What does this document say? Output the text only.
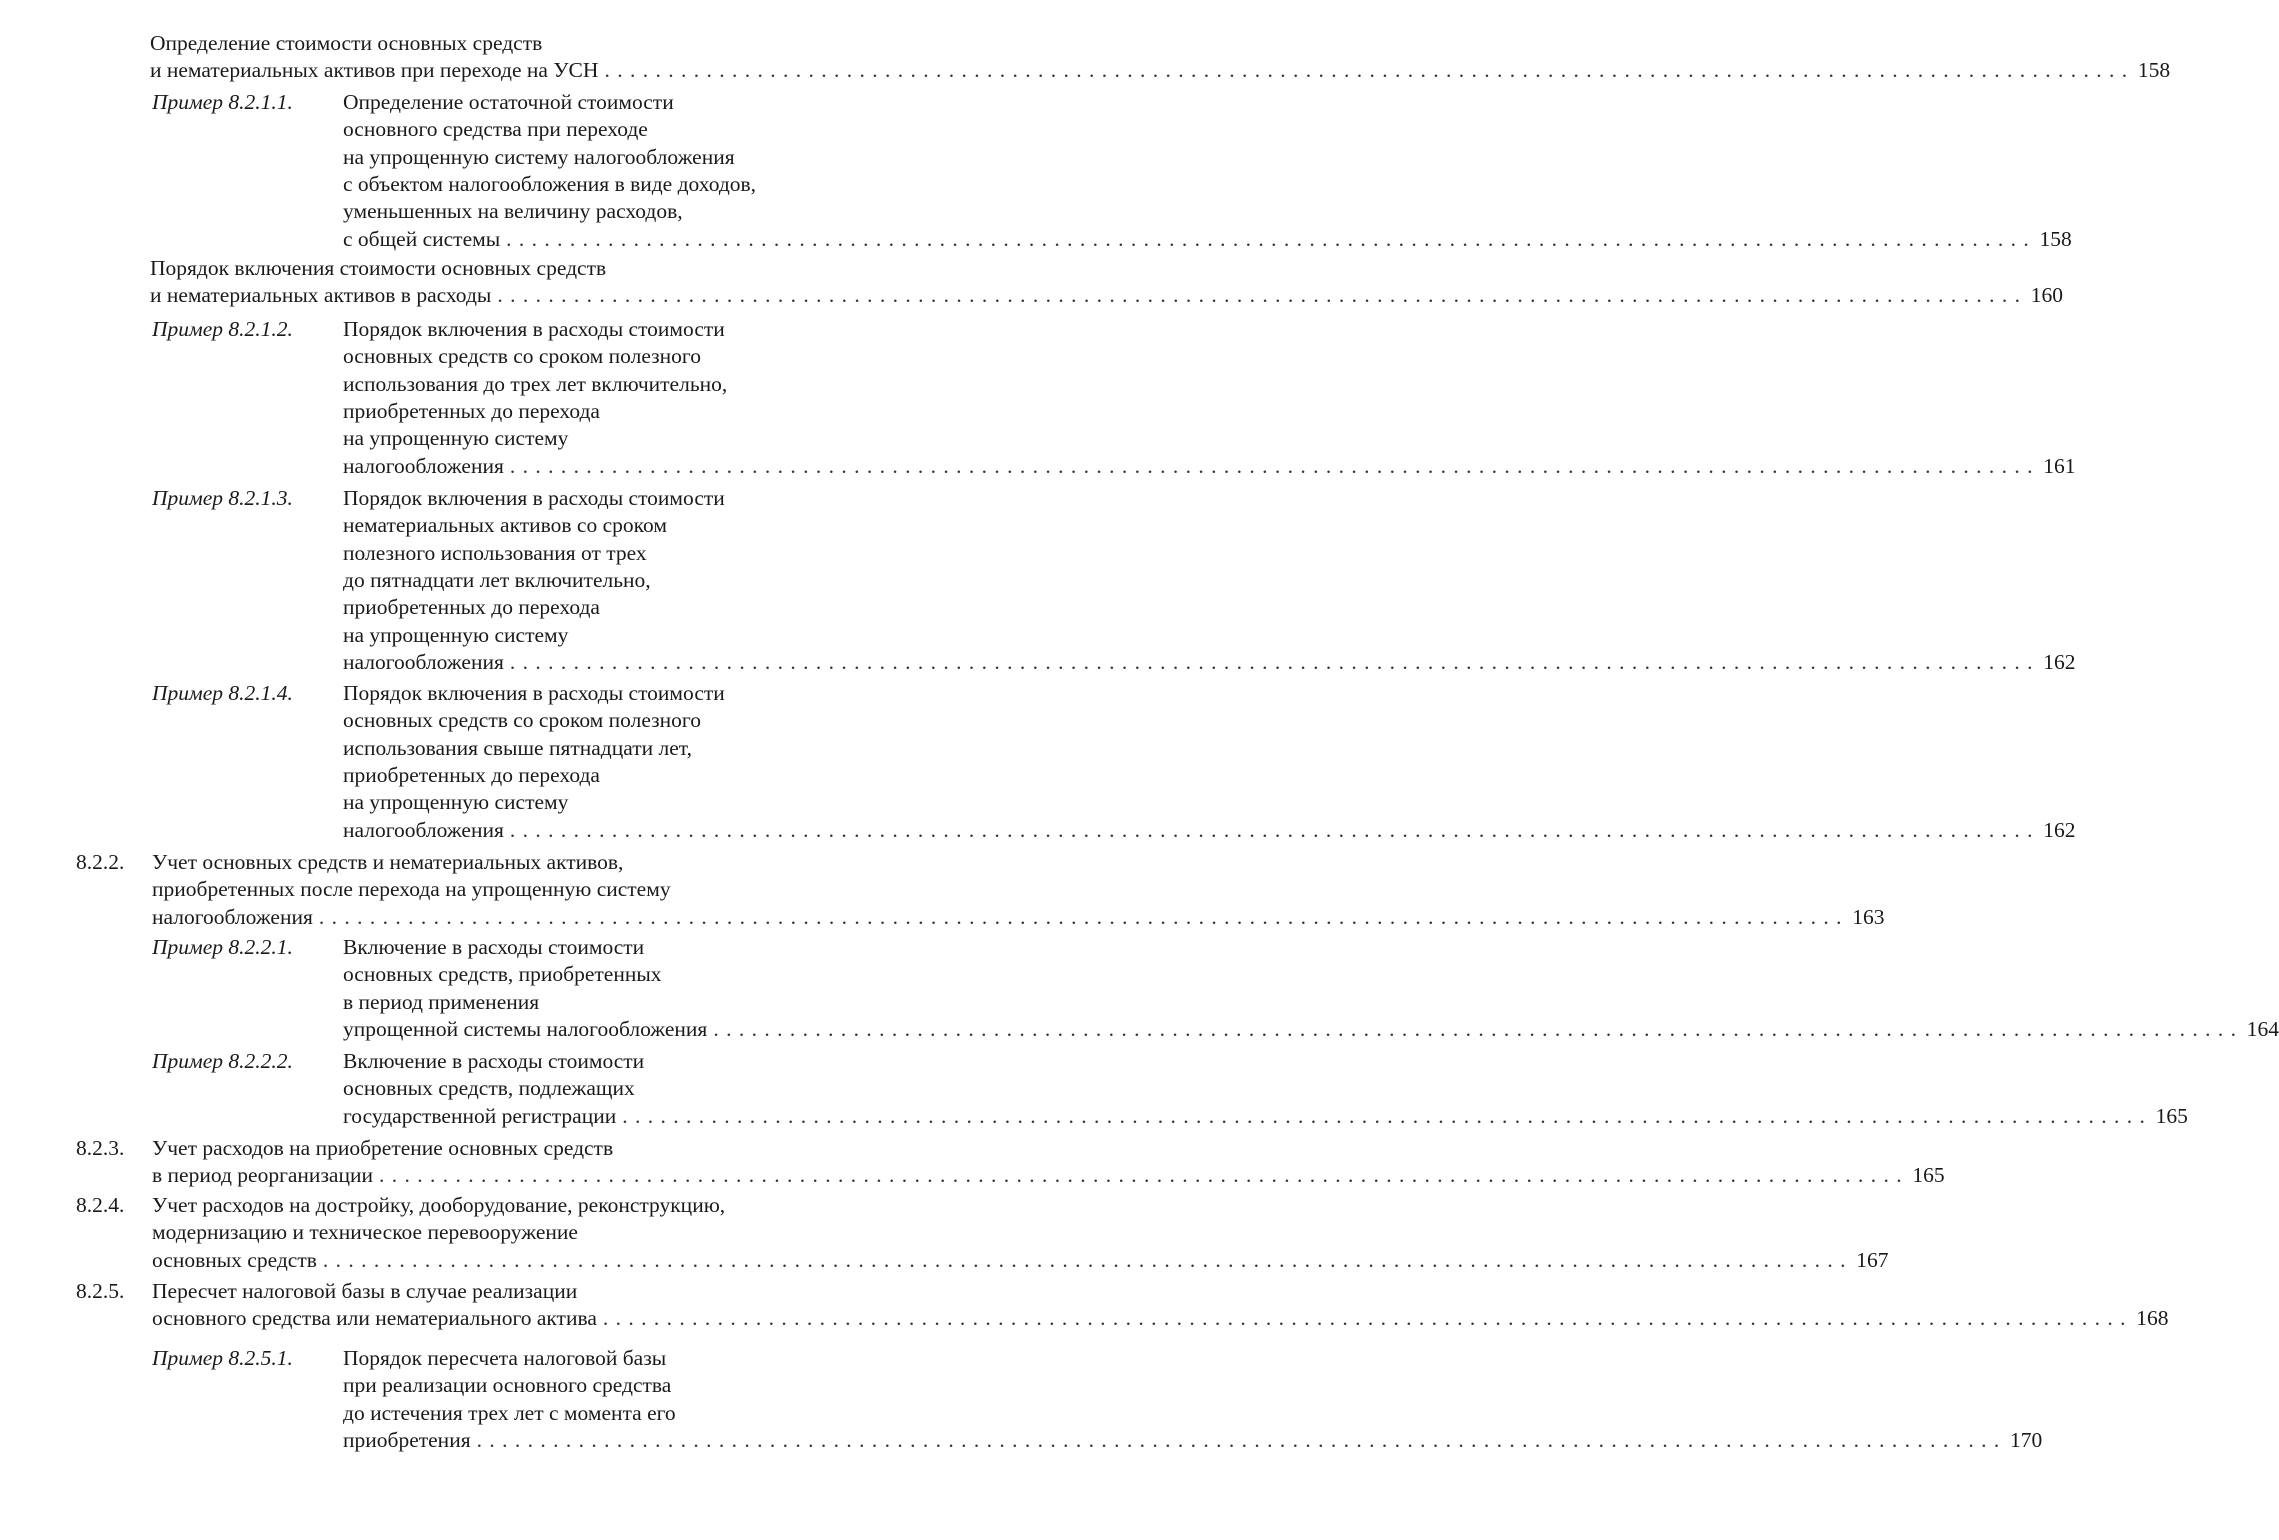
Определение стоимости основных средств
и нематериальных активов при переходе на УСН . . . . . . . . . . . . . . . . . . . . . . . . . . . . . . . . . . . . . . . . . . . . . . . . . . . . . . . . . . . . . . . . . . . . . . . . . . . . . . . . . . . . . . . . . . . . . . . . . . . . . . . . . . . . . . . . . . . . . . . . 158
Пример 8.2.1.1. Определение остаточной стоимости
основного средства при переходе
на упрощенную систему налогообложения
с объектом налогообложения в виде доходов,
уменьшенных на величину расходов,
с общей системы . . . . . . . . . . . . . . . . . . . . . . . . . . . . . . . . . . . . . . . . . . . . . . . . . . . . . . . . . . . . . . . . . . . . . . . . . . . . . . . . . . . . . . . . . . . . . . . . . . . . . . . . . . . . . . . . . . . . . . . . 158
Порядок включения стоимости основных средств
и нематериальных активов в расходы . . . . . . . . . . . . . . . . . . . . . . . . . . . . . . . . . . . . . . . . . . . . . . . . . . . . . . . . . . . . . . . . . . . . . . . . . . . . . . . . . . . . . . . . . . . . . . . . . . . . . . . . . . . . . . . . . . . . . . . . 160
Пример 8.2.1.2. Порядок включения в расходы стоимости
основных средств со сроком полезного
использования до трех лет включительно,
приобретенных до перехода
на упрощенную систему
налогообложения . . . . . . . . . . . . . . . . . . . . . . . . . . . . . . . . . . . . . . . . . . . . . . . . . . . . . . . . . . . . . . . . . . . . . . . . . . . . . . . . . . . . . . . . . . . . . . . . . . . . . . . . . . . . . . . . . . . . . . . . 161
Пример 8.2.1.3. Порядок включения в расходы стоимости
нематериальных активов со сроком
полезного использования от трех
до пятнадцати лет включительно,
приобретенных до перехода
на упрощенную систему
налогообложения . . . . . . . . . . . . . . . . . . . . . . . . . . . . . . . . . . . . . . . . . . . . . . . . . . . . . . . . . . . . . . . . . . . . . . . . . . . . . . . . . . . . . . . . . . . . . . . . . . . . . . . . . . . . . . . . . . . . . . . . 162
Пример 8.2.1.4. Порядок включения в расходы стоимости
основных средств со сроком полезного
использования свыше пятнадцати лет,
приобретенных до перехода
на упрощенную систему
налогообложения . . . . . . . . . . . . . . . . . . . . . . . . . . . . . . . . . . . . . . . . . . . . . . . . . . . . . . . . . . . . . . . . . . . . . . . . . . . . . . . . . . . . . . . . . . . . . . . . . . . . . . . . . . . . . . . . . . . . . . . . 162
8.2.2. Учет основных средств и нематериальных активов,
приобретенных после перехода на упрощенную систему
налогообложения . . . . . . . . . . . . . . . . . . . . . . . . . . . . . . . . . . . . . . . . . . . . . . . . . . . . . . . . . . . . . . . . . . . . . . . . . . . . . . . . . . . . . . . . . . . . . . . . . . . . . . . . . . . . . . . . . . . . . . . . 163
Пример 8.2.2.1. Включение в расходы стоимости
основных средств, приобретенных
в период применения
упрощенной системы налогообложения . . . . . . . . . . . . . . . . . . . . . . . . . . . . . . . . . . . . . . . . . . . . . . . . . . . . . . . . . . . . . . . . . . . . . . . . . . . . . . . . . . . . . . . . . . . . . . . . . . . . . . . . . . . . . . . . . . . . . . . . 164
Пример 8.2.2.2. Включение в расходы стоимости
основных средств, подлежащих
государственной регистрации . . . . . . . . . . . . . . . . . . . . . . . . . . . . . . . . . . . . . . . . . . . . . . . . . . . . . . . . . . . . . . . . . . . . . . . . . . . . . . . . . . . . . . . . . . . . . . . . . . . . . . . . . . . . . . . . . . . . . . . . 165
8.2.3. Учет расходов на приобретение основных средств
в период реорганизации . . . . . . . . . . . . . . . . . . . . . . . . . . . . . . . . . . . . . . . . . . . . . . . . . . . . . . . . . . . . . . . . . . . . . . . . . . . . . . . . . . . . . . . . . . . . . . . . . . . . . . . . . . . . . . . . . . . . . . . . 165
8.2.4. Учет расходов на достройку, дооборудование, реконструкцию,
модернизацию и техническое перевооружение
основных средств . . . . . . . . . . . . . . . . . . . . . . . . . . . . . . . . . . . . . . . . . . . . . . . . . . . . . . . . . . . . . . . . . . . . . . . . . . . . . . . . . . . . . . . . . . . . . . . . . . . . . . . . . . . . . . . . . . . . . . . . 167
8.2.5. Пересчет налоговой базы в случае реализации
основного средства или нематериального актива . . . . . . . . . . . . . . . . . . . . . . . . . . . . . . . . . . . . . . . . . . . . . . . . . . . . . . . . . . . . . . . . . . . . . . . . . . . . . . . . . . . . . . . . . . . . . . . . . . . . . . . . . . . . . . . . . . . . . . . . 168
Пример 8.2.5.1. Порядок пересчета налоговой базы
при реализации основного средства
до истечения трех лет с момента его
приобретения . . . . . . . . . . . . . . . . . . . . . . . . . . . . . . . . . . . . . . . . . . . . . . . . . . . . . . . . . . . . . . . . . . . . . . . . . . . . . . . . . . . . . . . . . . . . . . . . . . . . . . . . . . . . . . . . . . . . . . . . 170
